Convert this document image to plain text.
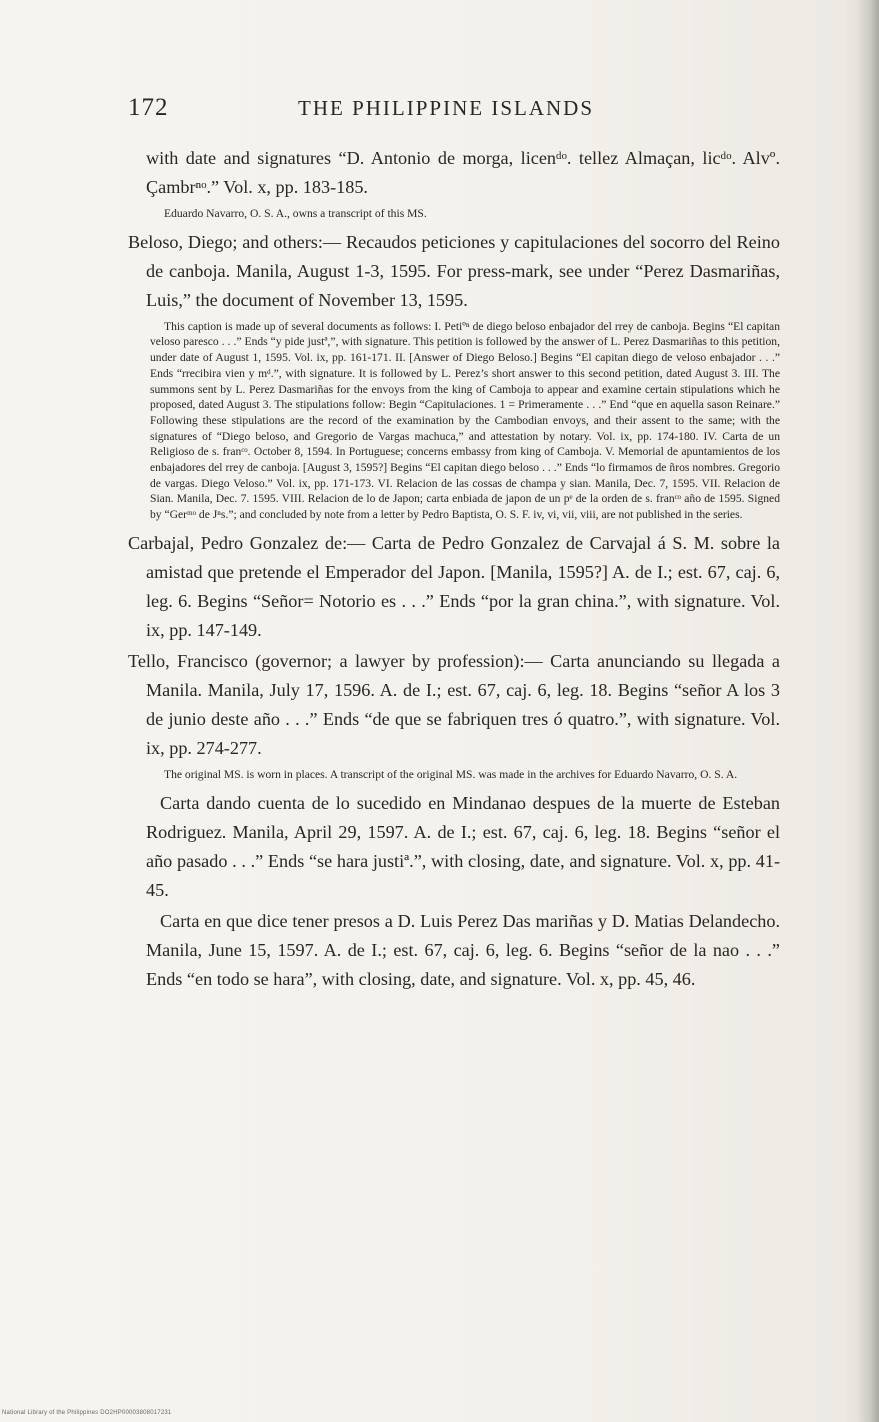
172	THE PHILIPPINE ISLANDS

with date and signatures “D. Antonio de morga, licenᵈᵒ. tellez Almaçan, licᵈᵒ. Alvº. Çambrⁿᵒ.” Vol. x, pp. 183-185.

Eduardo Navarro, O. S. A., owns a transcript of this MS.

Beloso, Diego; and others:— Recaudos peticiones y capitulaciones del socorro del Reino de canboja. Manila, August 1-3, 1595. For press-mark, see under “Perez Dasmariñas, Luis,” the document of November 13, 1595.

This caption is made up of several documents as follows: I. Petiºⁿ de diego beloso enbajador del rrey de canboja. Begins “El capitan veloso paresco . . .” Ends “y pide justª,”, with signature. This petition is followed by the answer of L. Perez Dasmariñas to this petition, under date of August 1, 1595. Vol. ix, pp. 161-171. II. [Answer of Diego Beloso.] Begins “El capitan diego de veloso enbajador . . .” Ends “rrecibira vien y mᵈ.”, with signature. It is followed by L. Perez’s short answer to this second petition, dated August 3. III. The summons sent by L. Perez Dasmariñas for the envoys from the king of Camboja to appear and examine certain stipulations which he proposed, dated August 3. The stipulations follow: Begin “Capitulaciones. 1 = Primeramente . . .” End “que en aquella sason Reinare.” Following these stipulations are the record of the examination by the Cambodian envoys, and their assent to the same; with the signatures of “Diego beloso, and Gregorio de Vargas machuca,” and attestation by notary. Vol. ix, pp. 174-180. IV. Carta de un Religioso de s. franᶜᵒ. October 8, 1594. In Portuguese; concerns embassy from king of Camboja. V. Memorial de apuntamientos de los enbajadores del rrey de canboja. [August 3, 1595?] Begins “El capitan diego beloso . . .” Ends “lo firmamos de ñros nombres. Gregorio de vargas. Diego Veloso.” Vol. ix, pp. 171-173. VI. Relacion de las cossas de champa y sian. Manila, Dec. 7, 1595. VII. Relacion de Sian. Manila, Dec. 7. 1595. VIII. Relacion de lo de Japon; carta enbiada de japon de un pᵉ de la orden de s. franᶜᵒ año de 1595. Signed by “Gerᵐᵒ de Jⁿs.”; and concluded by note from a letter by Pedro Baptista, O. S. F. iv, vi, vii, viii, are not published in the series.

Carbajal, Pedro Gonzalez de:— Carta de Pedro Gonzalez de Carvajal á S. M. sobre la amistad que pretende el Emperador del Japon. [Manila, 1595?] A. de I.; est. 67, caj. 6, leg. 6. Begins “Señor= Notorio es . . .” Ends “por la gran china.”, with signature. Vol. ix, pp. 147-149.

Tello, Francisco (governor; a lawyer by profession):— Carta anunciando su llegada a Manila. Manila, July 17, 1596. A. de I.; est. 67, caj. 6, leg. 18. Begins “señor A los 3 de junio deste año . . .” Ends “de que se fabriquen tres ó quatro.”, with signature. Vol. ix, pp. 274-277.

The original MS. is worn in places. A transcript of the original MS. was made in the archives for Eduardo Navarro, O. S. A.

Carta dando cuenta de lo sucedido en Mindanao despues de la muerte de Esteban Rodriguez. Manila, April 29, 1597. A. de I.; est. 67, caj. 6, leg. 18. Begins “señor el año pasado . . .” Ends “se hara justiª.”, with closing, date, and signature. Vol. x, pp. 41-45.

Carta en que dice tener presos a D. Luis Perez Das mariñas y D. Matias Delandecho. Manila, June 15, 1597. A. de I.; est. 67, caj. 6, leg. 6. Begins “señor de la nao . . .” Ends “en todo se hara”, with closing, date, and signature. Vol. x, pp. 45, 46.

National Library of the Philippines DO2HP00003808017231
